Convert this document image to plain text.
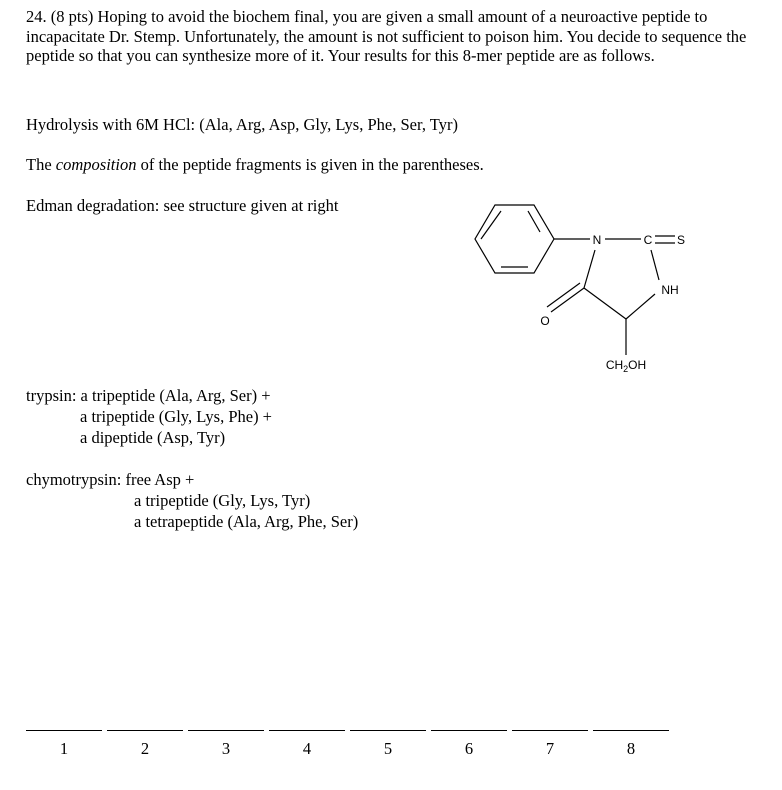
24. (8 pts) Hoping to avoid the biochem final, you are given a small amount of a neuroactive peptide to incapacitate Dr. Stemp. Unfortunately, the amount is not sufficient to poison him. You decide to sequence the peptide so that you can synthesize more of it. Your results for this 8-mer peptide are as follows.
Hydrolysis with 6M HCl: (Ala, Arg, Asp, Gly, Lys, Phe, Ser, Tyr)
The composition of the peptide fragments is given in the parentheses.
Edman degradation: see structure given at right
N	C S
NH
O
$CH_2OH$
trypsin: a tripeptide (Ala, Arg, Ser) +
a tripeptide (Gly, Lys, Phe) +
a dipeptide (Asp, Tyr)
chymotrypsin: free Asp +
a tripeptide (Gly, Lys, Tyr)
a tetrapeptide (Ala, Arg, Phe, Ser)
1	2	3	4	5	6	7	8
